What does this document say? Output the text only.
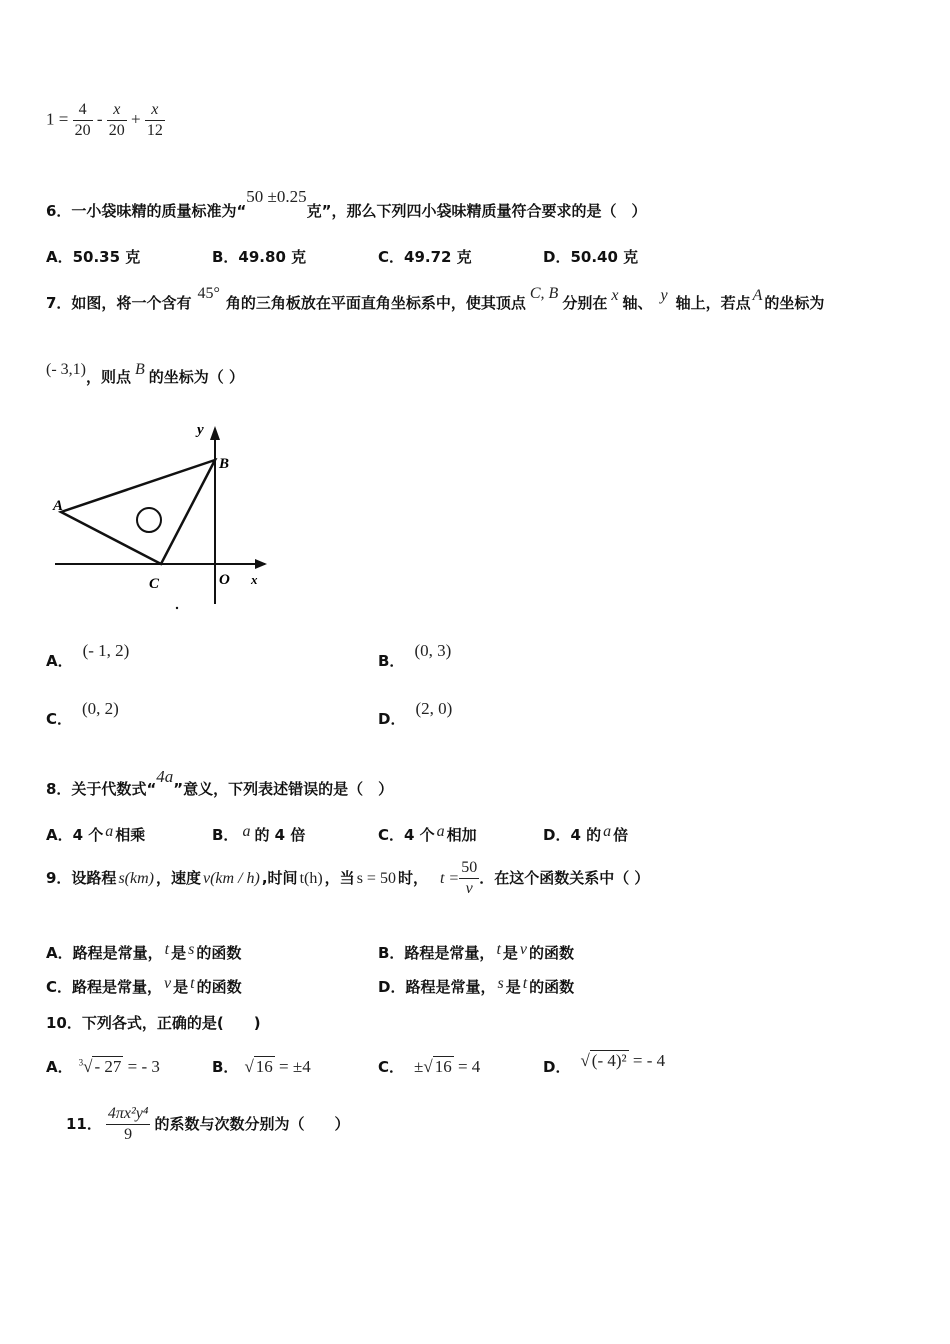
$1 = \frac{4}{20} - \frac{x}{20} + \frac{x}{12}$
6．一小袋味精的质量标准为“50 ±0.25克”，那么下列四小袋味精质量符合要求的是（　）
A．50.35 克	B．49.80 克	C．49.72 克	D．50.40 克
7．如图，将一个含有45°角的三角板放在平面直角坐标系中，使其顶点C, B分别在 x 轴、 y 轴上，若点 A 的坐标为
(- 3,1)，则点 B 的坐标为（ ）
y
x
A
B
C	O
A．(- 1, 2)
B．(0, 3)
C．(0, 2)
D．(2, 0)
8．关于代数式“4a”意义，下列表述错误的是（　）
A．4 个 a 相乘	B． a 的 4 倍	C．4 个 a 相加	D．4 的 a 倍
9．设路程 s(km) ，速度 v(km / h) ,时间 t(h) ，当 s = 50 时， $t = \frac{50}{v}$ ．在这个函数关系中（ ）
A．路程是常量， t 是 s 的函数	B．路程是常量， t 是 v 的函数
C．路程是常量， v 是 t 的函数	D．路程是常量， s 是 t 的函数
10．下列各式，正确的是(　　)
A． $^3$√ - 27 = - 3	B． √ 16 = ±4	C． ±√ 16 = 4	D． √ (- 4)² = - 4
11． $\frac{\text{4πx²y⁴}}{9}$ 的系数与次数分别为（　　）
